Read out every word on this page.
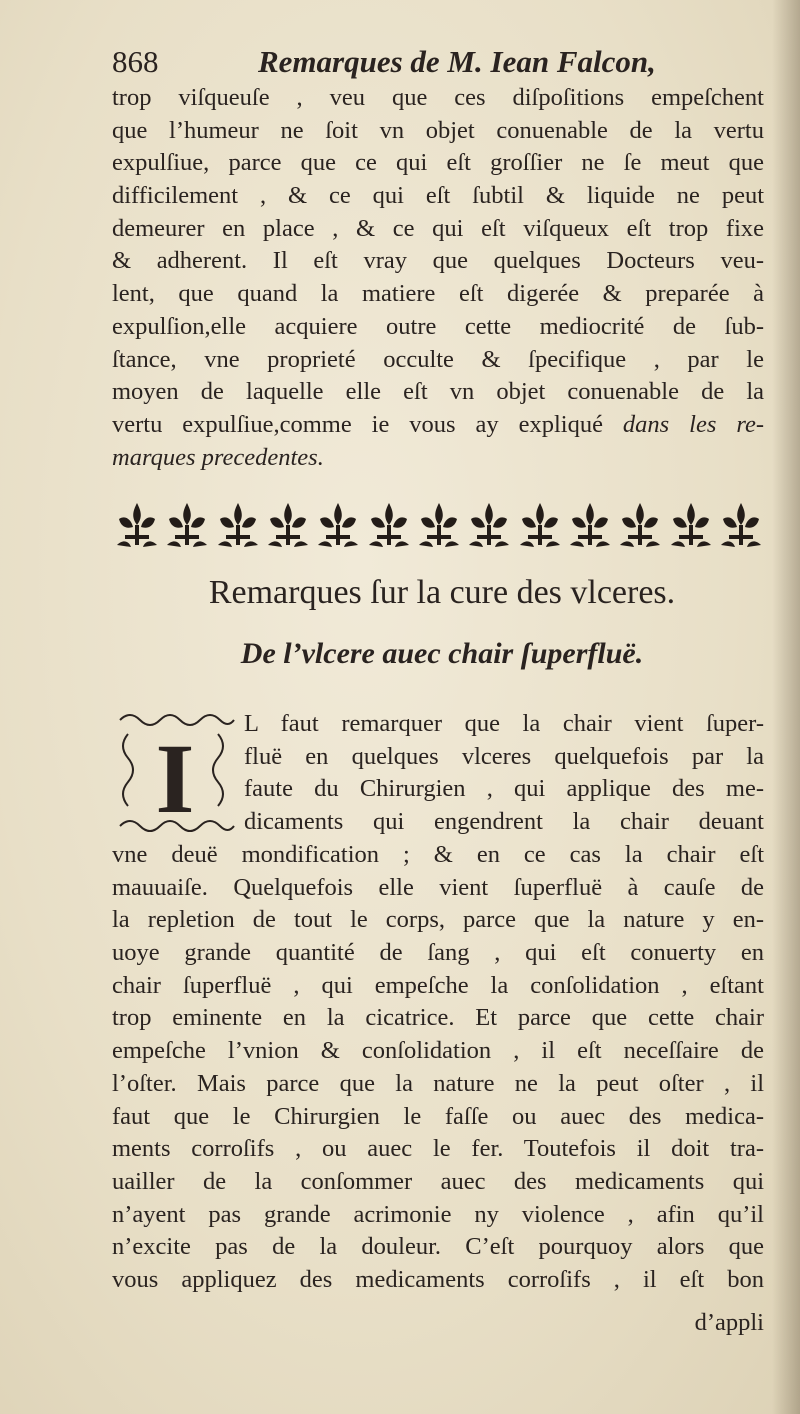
868	Remarques de M. Iean Falcon,
trop viſqueuſe , veu que ces diſpoſitions empeſchent
que l’humeur ne ſoit vn objet conuenable de la vertu
expulſiue, parce que ce qui eſt groſſier ne ſe meut que
difficilement , & ce qui eſt ſubtil & liquide ne peut
demeurer en place , & ce qui eſt viſqueux eſt trop fixe
& adherent. Il eſt vray que quelques Docteurs veu-
lent, que quand la matiere eſt digerée & preparée à
expulſion,elle acquiere outre cette mediocrité de ſub-
ſtance, vne proprieté occulte & ſpecifique , par le
moyen de laquelle elle eſt vn objet conuenable de la
vertu expulſiue,comme ie vous ay expliqué dans les re-
marques precedentes.
Remarques ſur la cure des vlceres.
De l’vlcere auec chair ſuperfluë.
I L faut remarquer que la chair vient ſuper-
fluë en quelques vlceres quelquefois par la
faute du Chirurgien , qui applique des me-
dicaments qui engendrent la chair deuant
vne deuë mondification ; & en ce cas la chair eſt
mauuaiſe. Quelquefois elle vient ſuperfluë à cauſe de
la repletion de tout le corps, parce que la nature y en-
uoye grande quantité de ſang , qui eſt conuerty en
chair ſuperfluë , qui empeſche la conſolidation , eſtant
trop eminente en la cicatrice. Et parce que cette chair
empeſche l’vnion & conſolidation , il eſt neceſſaire de
l’oſter. Mais parce que la nature ne la peut oſter , il
faut que le Chirurgien le faſſe ou auec des medica-
ments corroſifs , ou auec le fer. Toutefois il doit tra-
uailler de la conſommer auec des medicaments qui
n’ayent pas grande acrimonie ny violence , afin qu’il
n’excite pas de la douleur. C’eſt pourquoy alors que
vous appliquez des medicaments corroſifs , il eſt bon
d’appli
